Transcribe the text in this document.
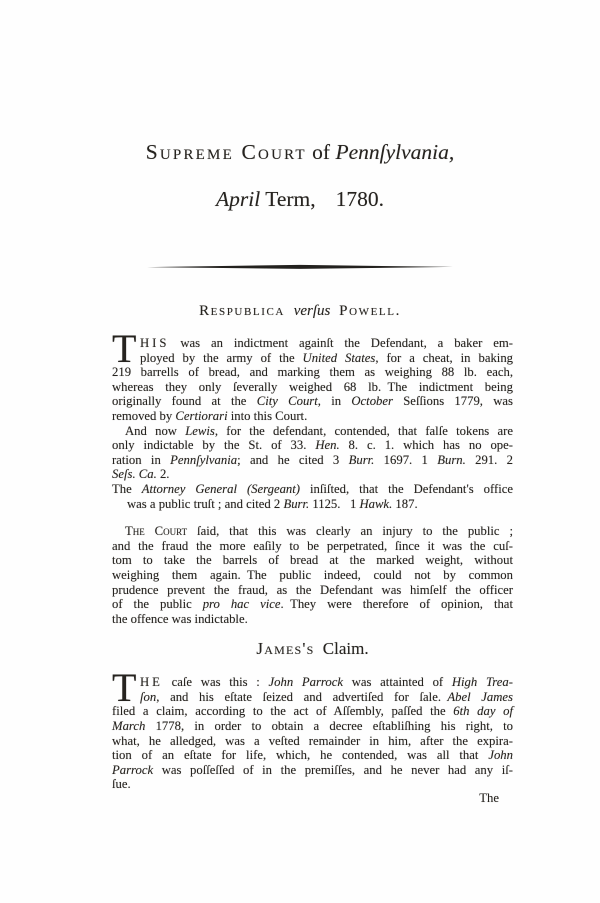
Supreme Court of Pennſylvania,
April Term, 1780.
Respublica verſus Powell.
T HIS was an indictment againſt the Defendant, a baker em-
ployed by the army of the United States, for a cheat, in baking
219 barrells of bread, and marking them as weighing 88 lb. each,
whereas they only ſeverally weighed 68 lb. The indictment being
originally found at the City Court, in October Seſſions 1779, was
removed by Certiorari into this Court.
And now Lewis, for the defendant, contended, that falſe tokens are
only indictable by the St. of 33. Hen. 8. c. 1. which has no ope-
ration in Pennſylvania; and he cited 3 Burr. 1697. 1 Burn. 291. 2
Seſs. Ca. 2.
The Attorney General (Sergeant) inſiſted, that the Defendant's office
was a public truſt ; and cited 2 Burr. 1125.  1 Hawk. 187.
The Court ſaid, that this was clearly an injury to the public ;
and the fraud the more eaſily to be perpetrated, ſince it was the cuſ-
tom to take the barrels of bread at the marked weight, without
weighing them again. The public indeed, could not by common
prudence prevent the fraud, as the Defendant was himſelf the officer
of the public pro hac vice. They were therefore of opinion, that
the offence was indictable.
James's Claim.
T HE caſe was this : John Parrock was attainted of High Trea-
ſon, and his eſtate ſeized and advertiſed for ſale. Abel James
filed a claim, according to the act of Aſſembly, paſſed the 6th day of
March 1778, in order to obtain a decree eſtabliſhing his right, to
what, he alledged, was a veſted remainder in him, after the expira-
tion of an eſtate for life, which, he contended, was all that John
Parrock was poſſeſſed of in the premiſſes, and he never had any iſ-
ſue.
The
